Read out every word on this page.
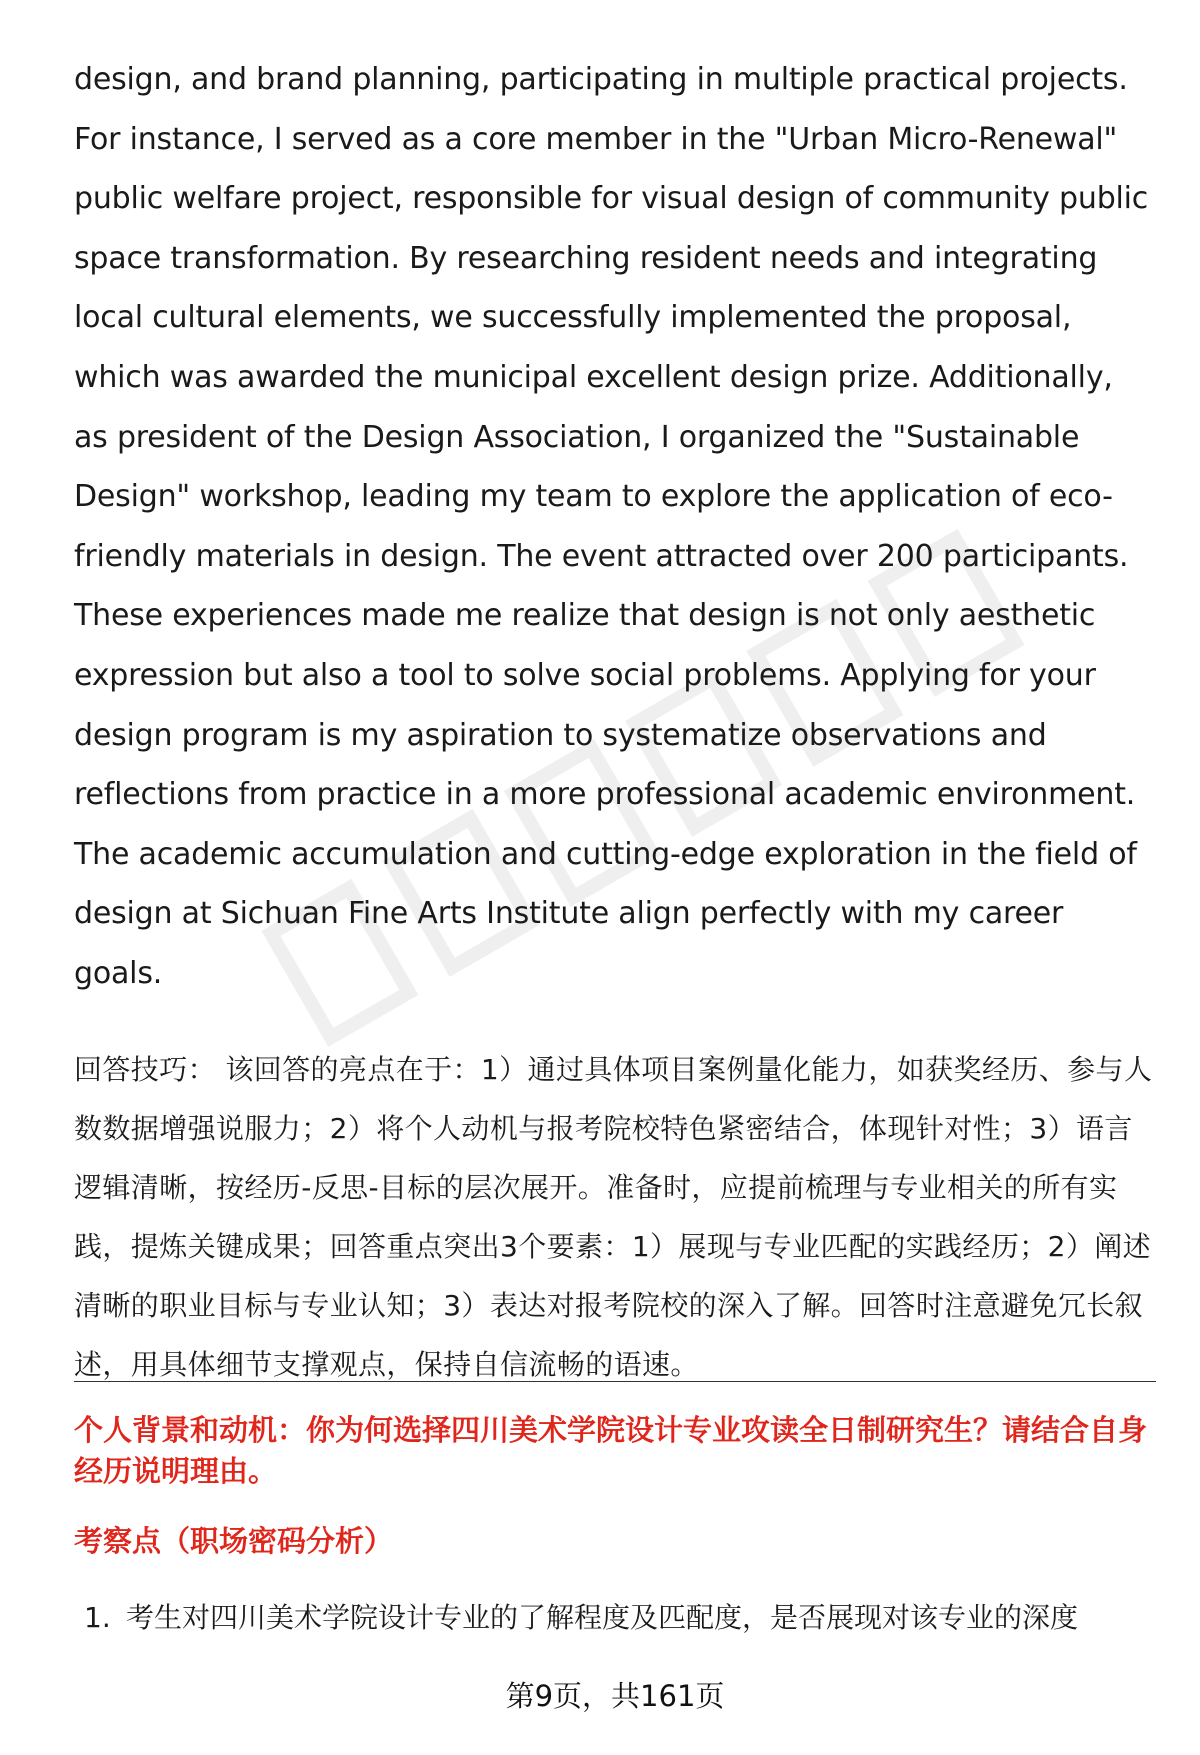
design, and brand planning, participating in multiple practical projects. For instance, I served as a core member in the "Urban Micro-Renewal" public welfare project, responsible for visual design of community public space transformation. By researching resident needs and integrating local cultural elements, we successfully implemented the proposal, which was awarded the municipal excellent design prize. Additionally, as president of the Design Association, I organized the "Sustainable Design" workshop, leading my team to explore the application of eco-friendly materials in design. The event attracted over 200 participants. These experiences made me realize that design is not only aesthetic expression but also a tool to solve social problems. Applying for your design program is my aspiration to systematize observations and reflections from practice in a more professional academic environment. The academic accumulation and cutting-edge exploration in the field of design at Sichuan Fine Arts Institute align perfectly with my career goals.

回答技巧： 该回答的亮点在于：1）通过具体项目案例量化能力，如获奖经历、参与人数数据增强说服力；2）将个人动机与报考院校特色紧密结合，体现针对性；3）语言逻辑清晰，按经历-反思-目标的层次展开。准备时，应提前梳理与专业相关的所有实践，提炼关键成果；回答重点突出3个要素：1）展现与专业匹配的实践经历；2）阐述清晰的职业目标与专业认知；3）表达对报考院校的深入了解。回答时注意避免冗长叙述，用具体细节支撑观点，保持自信流畅的语速。

个人背景和动机：你为何选择四川美术学院设计专业攻读全日制研究生？请结合自身经历说明理由。

考察点（职场密码分析）

1. 考生对四川美术学院设计专业的了解程度及匹配度，是否展现对该专业的深度
第9页，共161页
